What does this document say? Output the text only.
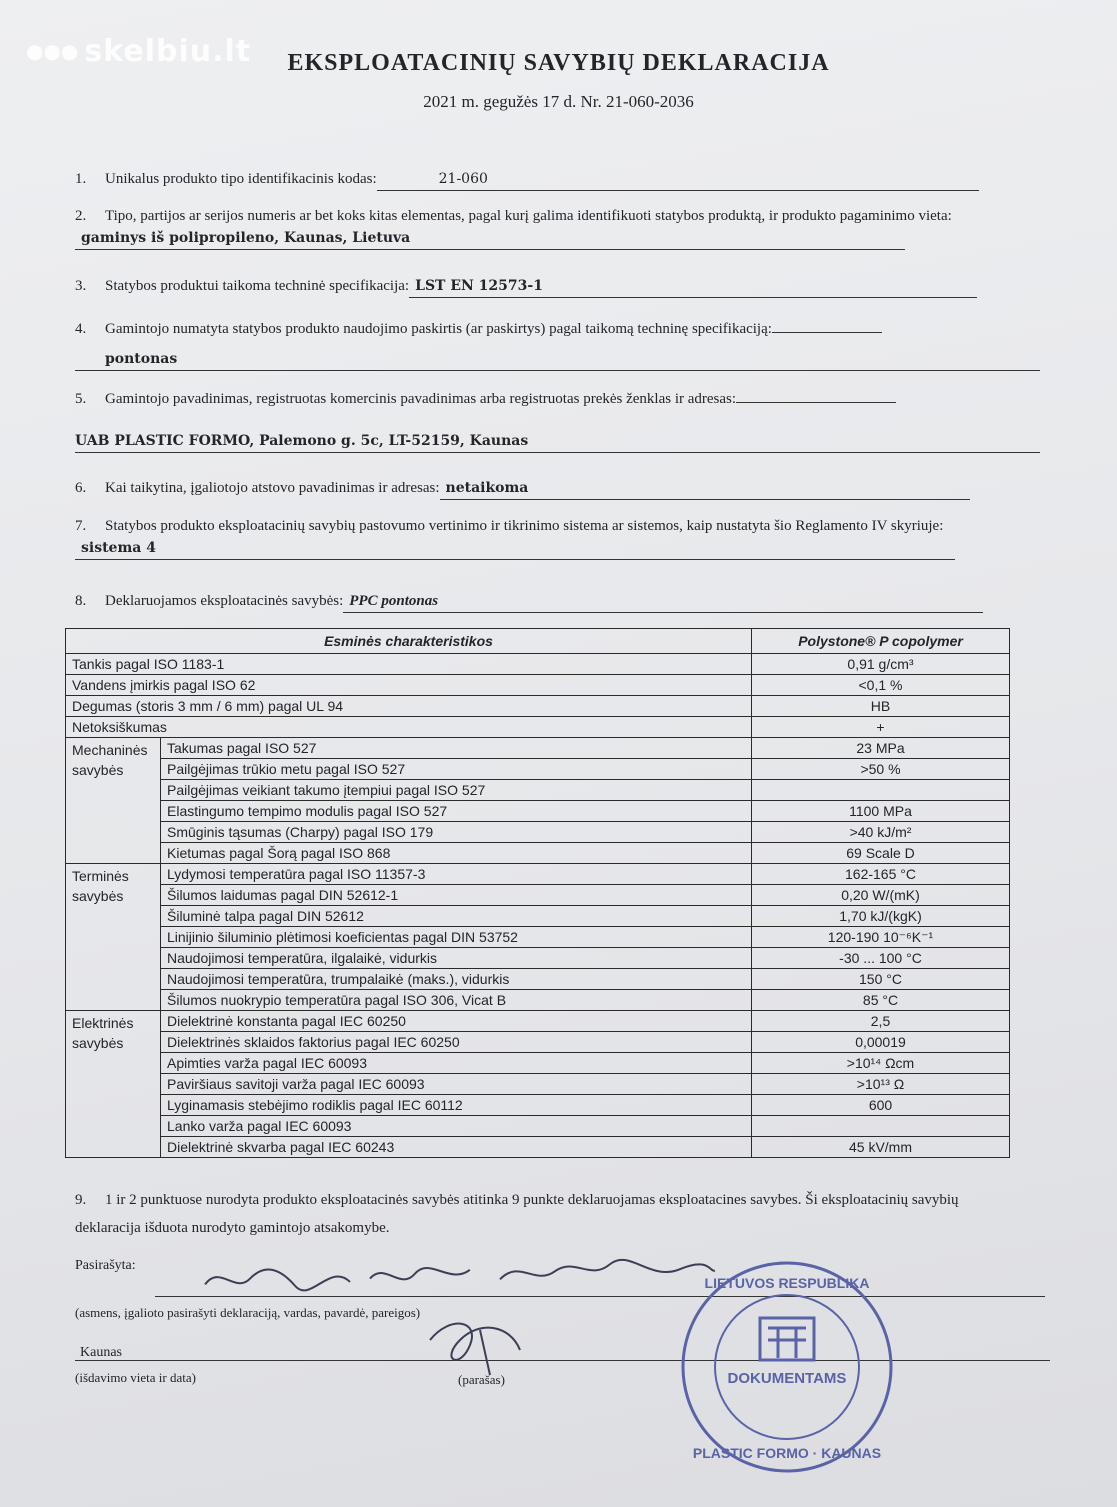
●●● skelbiu.lt	EKSPLOATACINIŲ SAVYBIŲ DEKLARACIJA
2021 m. gegužės 17 d. Nr. 21-060-2036
1. Unikalus produkto tipo identifikacinis kodas:	21-060
2. Tipo, partijos ar serijos numeris ar bet koks kitas elementas, pagal kurį galima identifikuoti statybos produktą, ir produkto pagaminimo vieta:gaminys iš polipropileno, Kaunas, Lietuva
3. Statybos produktui taikoma techninė specifikacija: LST EN 12573-1
4. Gamintojo numatyta statybos produkto naudojimo paskirtis (ar paskirtys) pagal taikomą techninę specifikaciją:
pontonas
5. Gamintojo pavadinimas, registruotas komercinis pavadinimas arba registruotas prekės ženklas ir adresas:
UAB PLASTIC FORMO, Palemono g. 5c, LT-52159, Kaunas
6. Kai taikytina, įgaliotojo atstovo pavadinimas ir adresas: netaikoma
7. Statybos produkto eksploatacinių savybių pastovumo vertinimo ir tikrinimo sistema ar sistemos, kaip nustatyta šio Reglamento IV skyriuje:sistema 4
8. Deklaruojamos eksploatacinės savybės: PPC pontonas
Esminės charakteristikos		Polystone® P copolymer
Tankis pagal ISO 1183-1		0,91 g/cm³
Vandens įmirkis pagal ISO 62		<0,1 %
Degumas (storis 3 mm / 6 mm) pagal UL 94		HB
Netoksiškumas		+
Mechaninės savybės	Takumas pagal ISO 527	23 MPa
	Pailgėjimas trūkio metu pagal ISO 527	>50 %
	Pailgėjimas veikiant takumo įtempiui pagal ISO 527	
	Elastingumo tempimo modulis pagal ISO 527	1100 MPa
	Smūginis tąsumas (Charpy) pagal ISO 179	>40 kJ/m²
	Kietumas pagal Šorą pagal ISO 868	69 Scale D
Terminės savybės	Lydymosi temperatūra pagal ISO 11357-3	162-165 °C
	Šilumos laidumas pagal DIN 52612-1	0,20 W/(mK)
	Šiluminė talpa pagal DIN 52612	1,70 kJ/(kgK)
	Linijinio šiluminio plėtimosi koeficientas pagal DIN 53752	120-190 10⁻⁶K⁻¹
	Naudojimosi temperatūra, ilgalaikė, vidurkis	-30 ... 100 °C
	Naudojimosi temperatūra, trumpalaikė (maks.), vidurkis	150 °C
	Šilumos nuokrypio temperatūra pagal ISO 306, Vicat B	85 °C
Elektrinės savybės	Dielektrinė konstanta pagal IEC 60250	2,5
	Dielektrinės sklaidos faktorius pagal IEC 60250	0,00019
	Apimties varža pagal IEC 60093	>10¹⁴ Ωcm
	Paviršiaus savitoji varža pagal IEC 60093	>10¹³ Ω
	Lyginamasis stebėjimo rodiklis pagal IEC 60112	600
	Lanko varža pagal IEC 60093	
	Dielektrinė skvarba pagal IEC 60243	45 kV/mm
9. 1 ir 2 punktuose nurodyta produkto eksploatacinės savybės atitinka 9 punkte deklaruojamas eksploatacines savybes. Ši eksploatacinių savybių deklaracija išduota nurodyto gamintojo atsakomybe.
Pasirašyta:
(asmens, įgalioto pasirašyti deklaraciją, vardas, pavardė, pareigos)
Kaunas
(išdavimo vieta ir data)	(parašas)	DOKUMENTAMS
LIETUVOS RESPUBLIKA
PLASTIC FORMO · KAUNAS
